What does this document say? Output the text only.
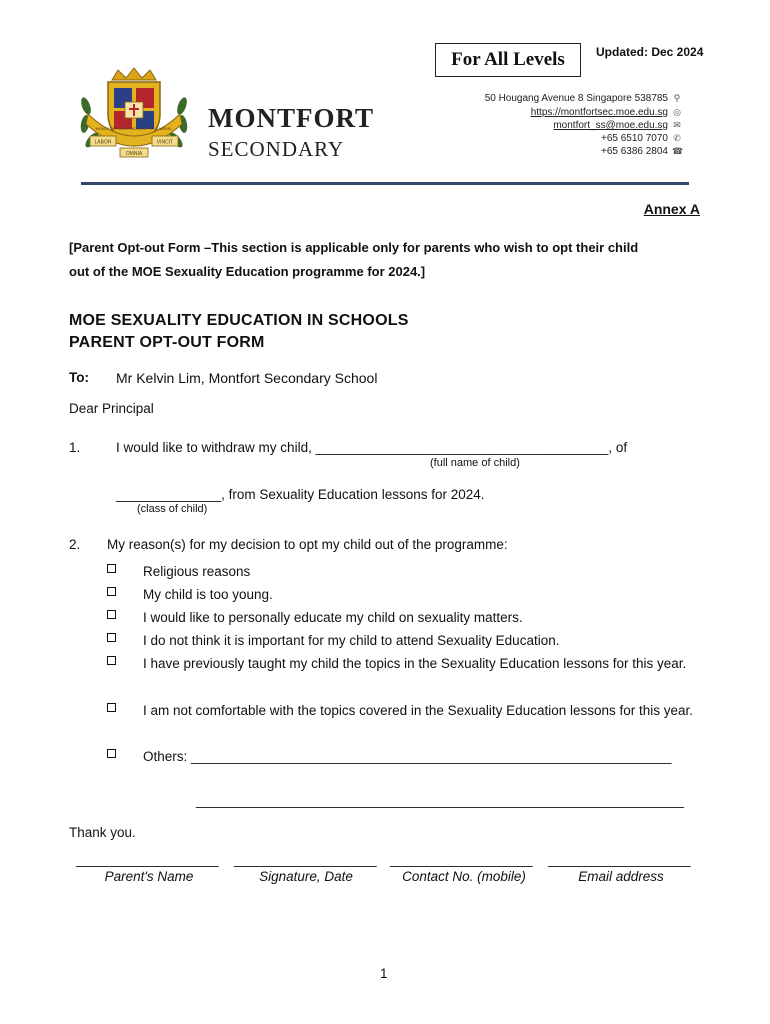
MONTFORT BROTHERS OF ST GABRIEL
LABOR	VINCIT
OMNIA
MONTFORT
SECONDARY
For All Levels	Updated: Dec 2024
50 Hougang Avenue 8 Singapore 538785 ⚲
https://montfortsec.moe.edu.sg ◎
montfort_ss@moe.edu.sg ✉
+65 6510 7070 ✆
+65 6386 2804 ☎
Annex A
[Parent Opt-out Form –This section is applicable only for parents who wish to opt their child
out of the MOE Sexuality Education programme for 2024.]
MOE SEXUALITY EDUCATION IN SCHOOLS
PARENT OPT-OUT FORM
To: Mr Kelvin Lim, Montfort Secondary School
Dear Principal
1.	I would like to withdraw my child, _______________________________________, of
(full name of child)
______________, from Sexuality Education lessons for 2024.
(class of child)
2. My reason(s) for my decision to opt my child out of the programme:
Religious reasons
My child is too young.
I would like to personally educate my child on sexuality matters.
I do not think it is important for my child to attend Sexuality Education.
I have previously taught my child the topics in the Sexuality Education lessons for this year.
I am not comfortable with the topics covered in the Sexuality Education lessons for this year.
Others: ________________________________________________________________
_________________________________________________________________
Thank you.
___________________ ___________________ ___________________ ___________________
Parent's Name	Signature, Date	Contact No. (mobile)	Email address
1
